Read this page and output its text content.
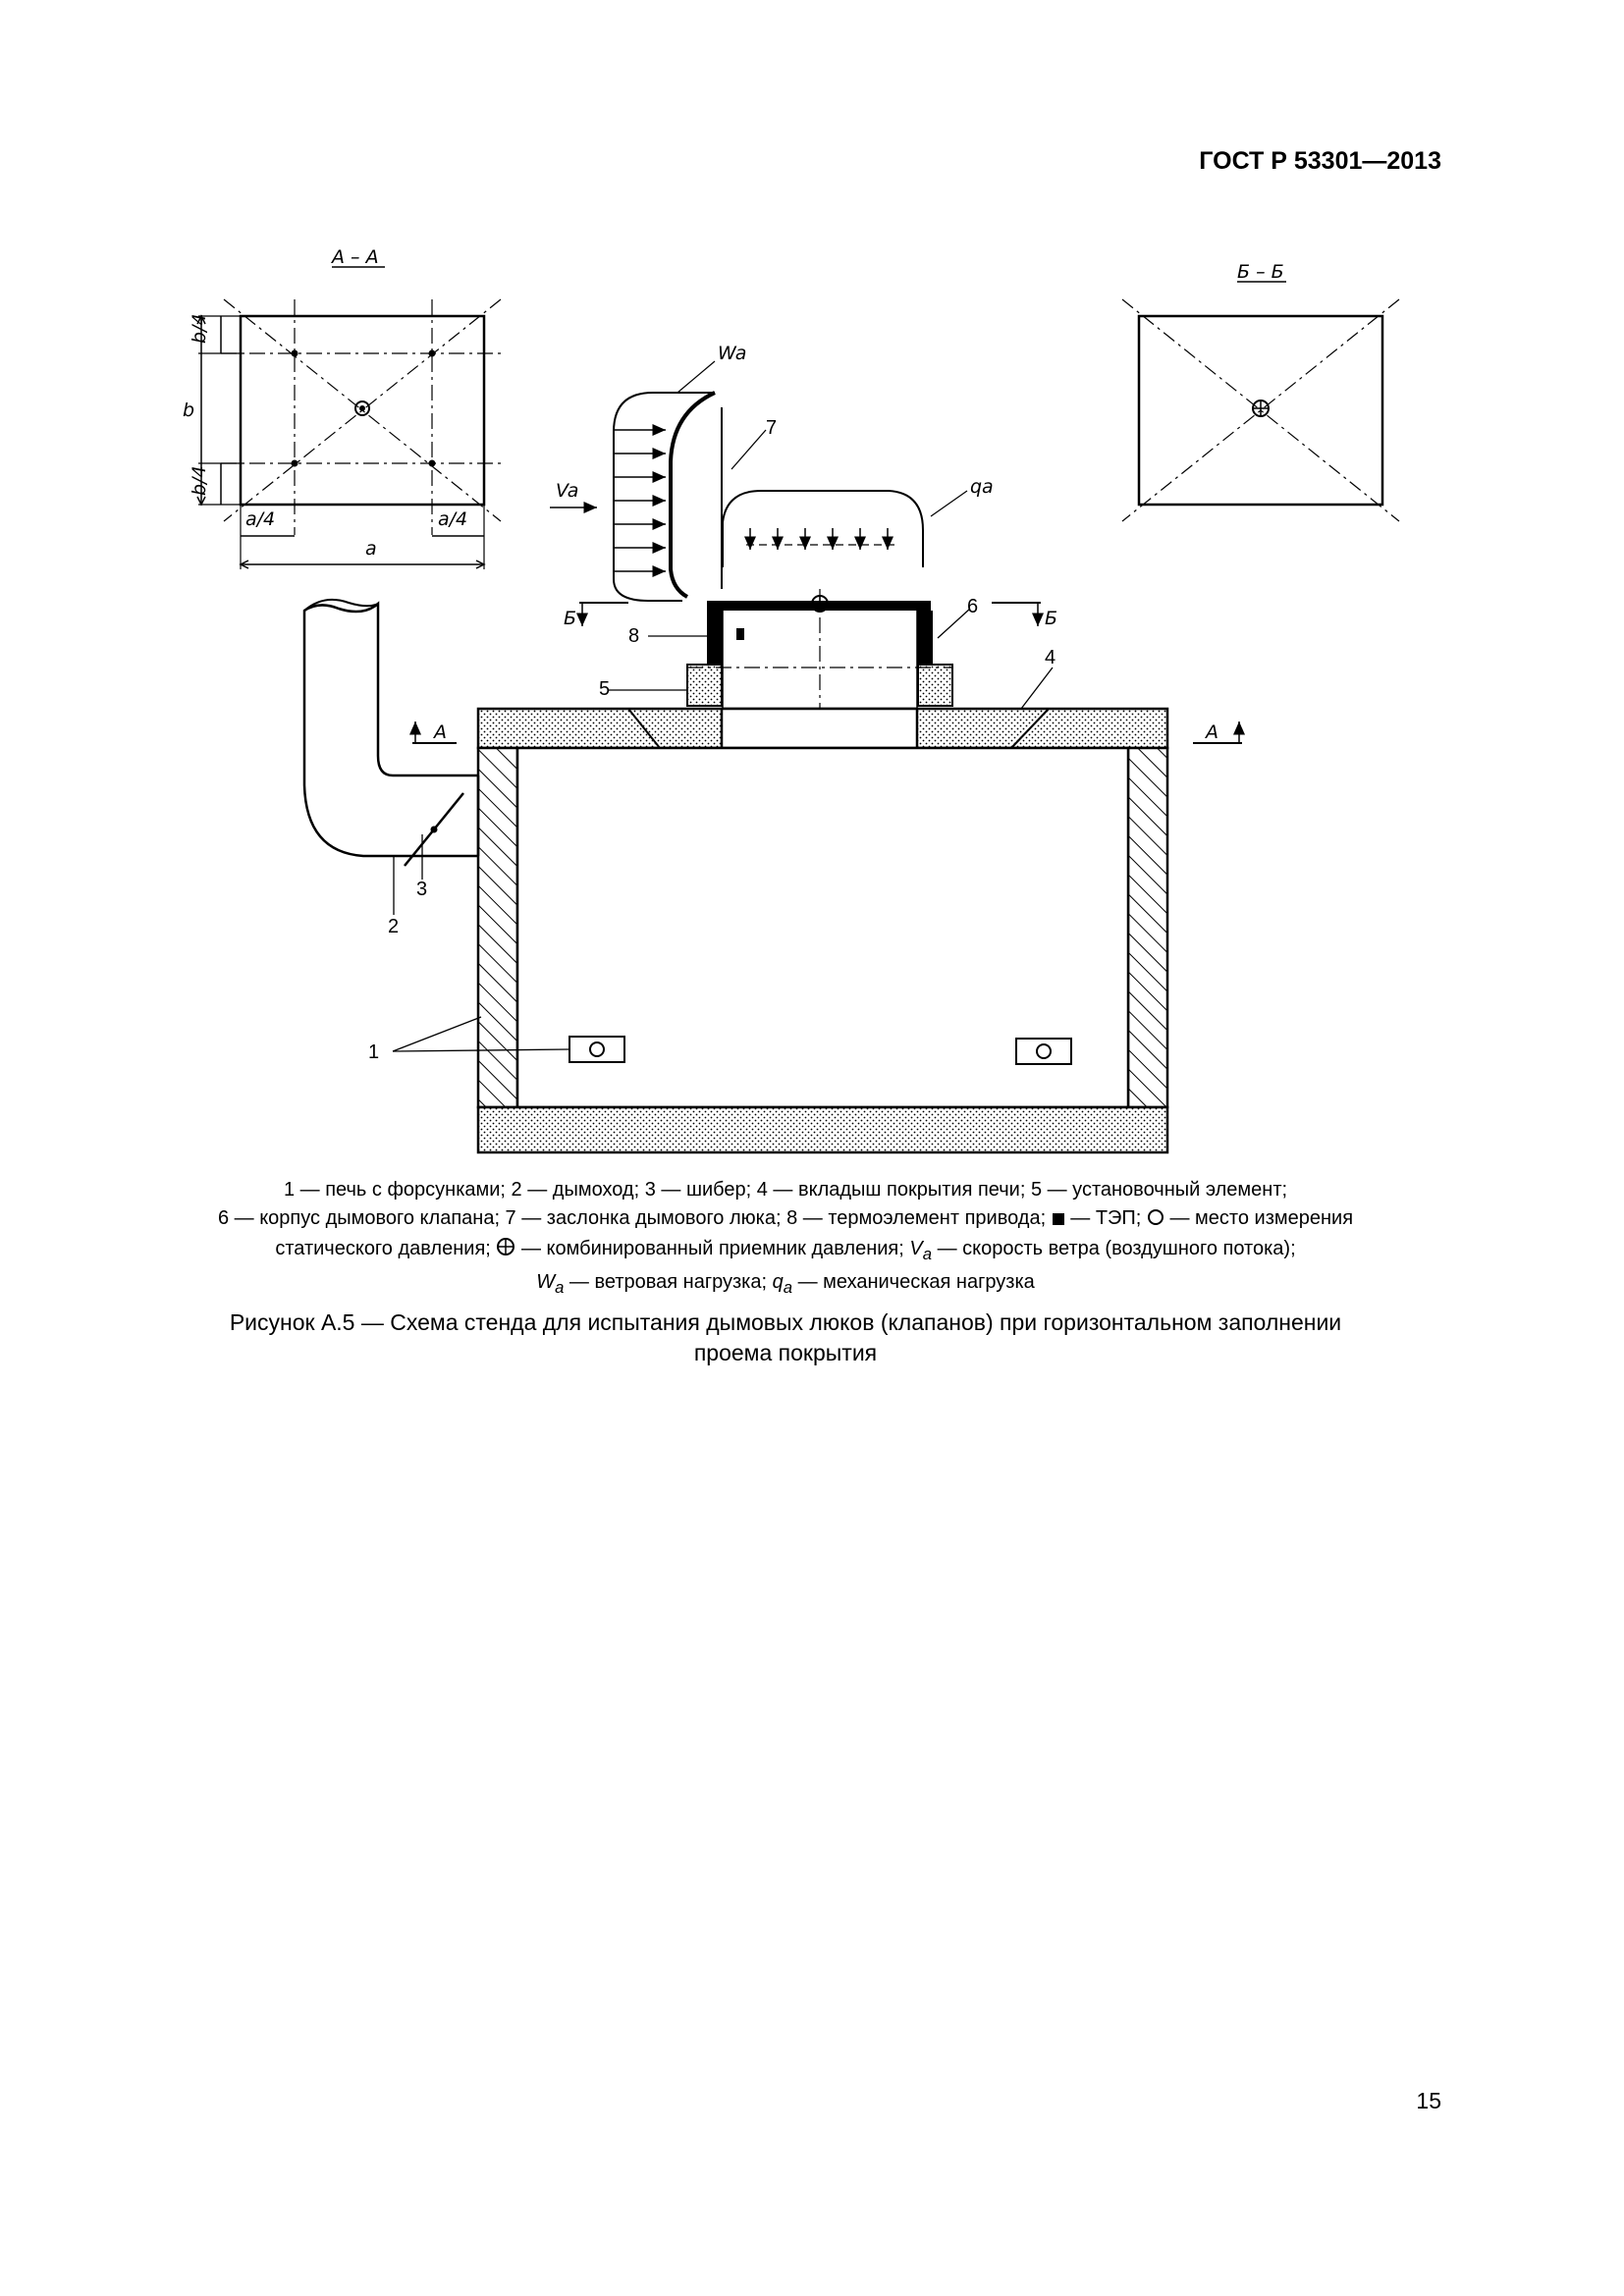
ГОСТ Р 53301—2013
А – А
b
b/4
b/4
a/4	a/4
a
Б – Б
Va
Wa
qa
Б	Б
А	А
1
2
3
4
5
6
7
8
1 — печь с форсунками; 2 — дымоход; 3 — шибер; 4 — вкладыш покрытия печи; 5 — установочный элемент;
6 — корпус дымового клапана; 7 — заслонка дымового люка; 8 — термоэлемент привода; — ТЭП; — место измерения
статического давления; — комбинированный приемник давления; $V_a$ — скорость ветра (воздушного потока);
$W_a$ — ветровая нагрузка; $q_a$ — механическая нагрузка
Рисунок А.5 — Схема стенда для испытания дымовых люков (клапанов) при горизонтальном заполнении
проема покрытия
15
